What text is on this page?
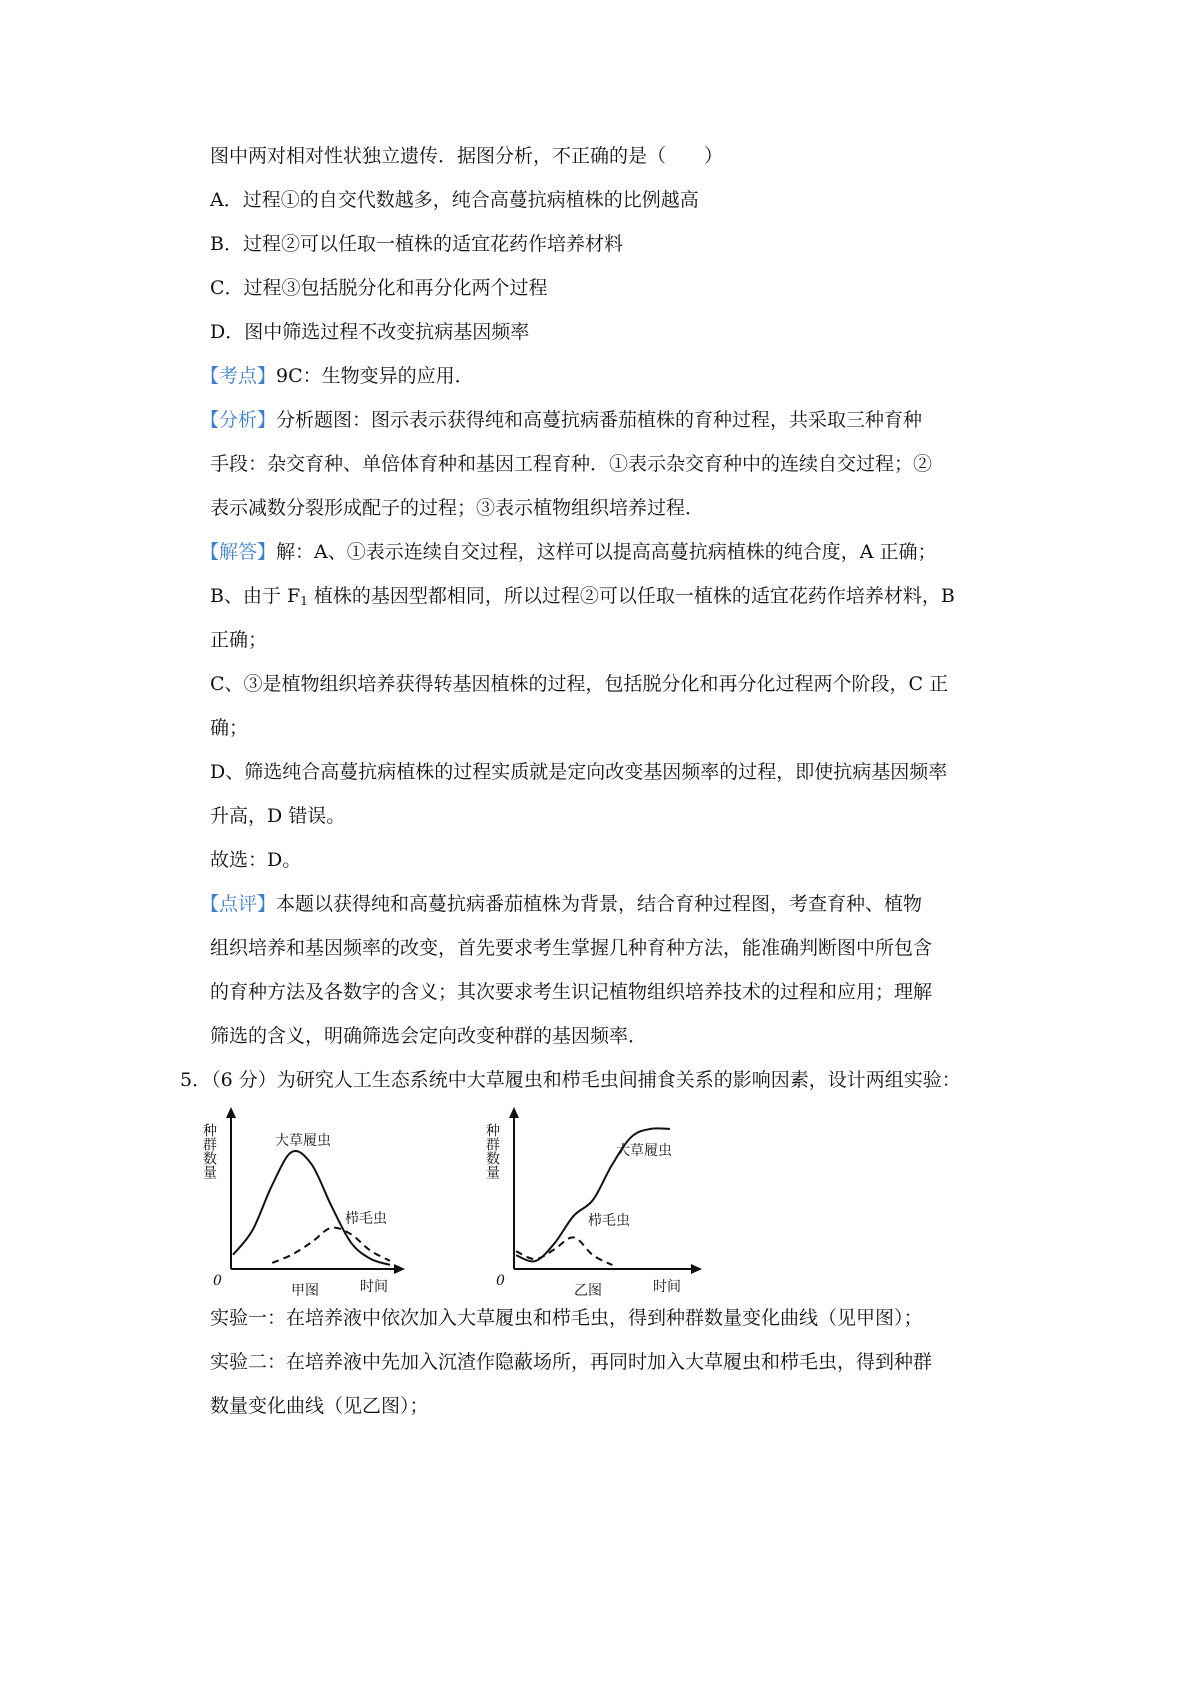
图中两对相对性状独立遗传．据图分析，不正确的是（　　）
A．过程①的自交代数越多，纯合高蔓抗病植株的比例越高
B．过程②可以任取一植株的适宜花药作培养材料
C．过程③包括脱分化和再分化两个过程
D．图中筛选过程不改变抗病基因频率
【考点】9C：生物变异的应用．
【分析】分析题图：图示表示获得纯和高蔓抗病番茄植株的育种过程，共采取三种育种
手段：杂交育种、单倍体育种和基因工程育种．①表示杂交育种中的连续自交过程；②
表示减数分裂形成配子的过程；③表示植物组织培养过程．
【解答】解：A、①表示连续自交过程，这样可以提高高蔓抗病植株的纯合度，A 正确；
B、由于 $F_1$ 植株的基因型都相同，所以过程②可以任取一植株的适宜花药作培养材料，B
正确；
C、③是植物组织培养获得转基因植株的过程，包括脱分化和再分化过程两个阶段，C 正
确；
D、筛选纯合高蔓抗病植株的过程实质就是定向改变基因频率的过程，即使抗病基因频率
升高，D 错误。
故选：D。
【点评】本题以获得纯和高蔓抗病番茄植株为背景，结合育种过程图，考查育种、植物
组织培养和基因频率的改变，首先要求考生掌握几种育种方法，能准确判断图中所包含
的育种方法及各数字的含义；其次要求考生识记植物组织培养技术的过程和应用；理解
筛选的含义，明确筛选会定向改变种群的基因频率．
5．（6 分）为研究人工生态系统中大草履虫和栉毛虫间捕食关系的影响因素，设计两组实验：
种群数量
0	时间
甲图
大草履虫
栉毛虫
种群数量
0	时间
乙图
大草履虫
栉毛虫
实验一：在培养液中依次加入大草履虫和栉毛虫，得到种群数量变化曲线（见甲图）；
实验二：在培养液中先加入沉渣作隐蔽场所，再同时加入大草履虫和栉毛虫，得到种群
数量变化曲线（见乙图）；
